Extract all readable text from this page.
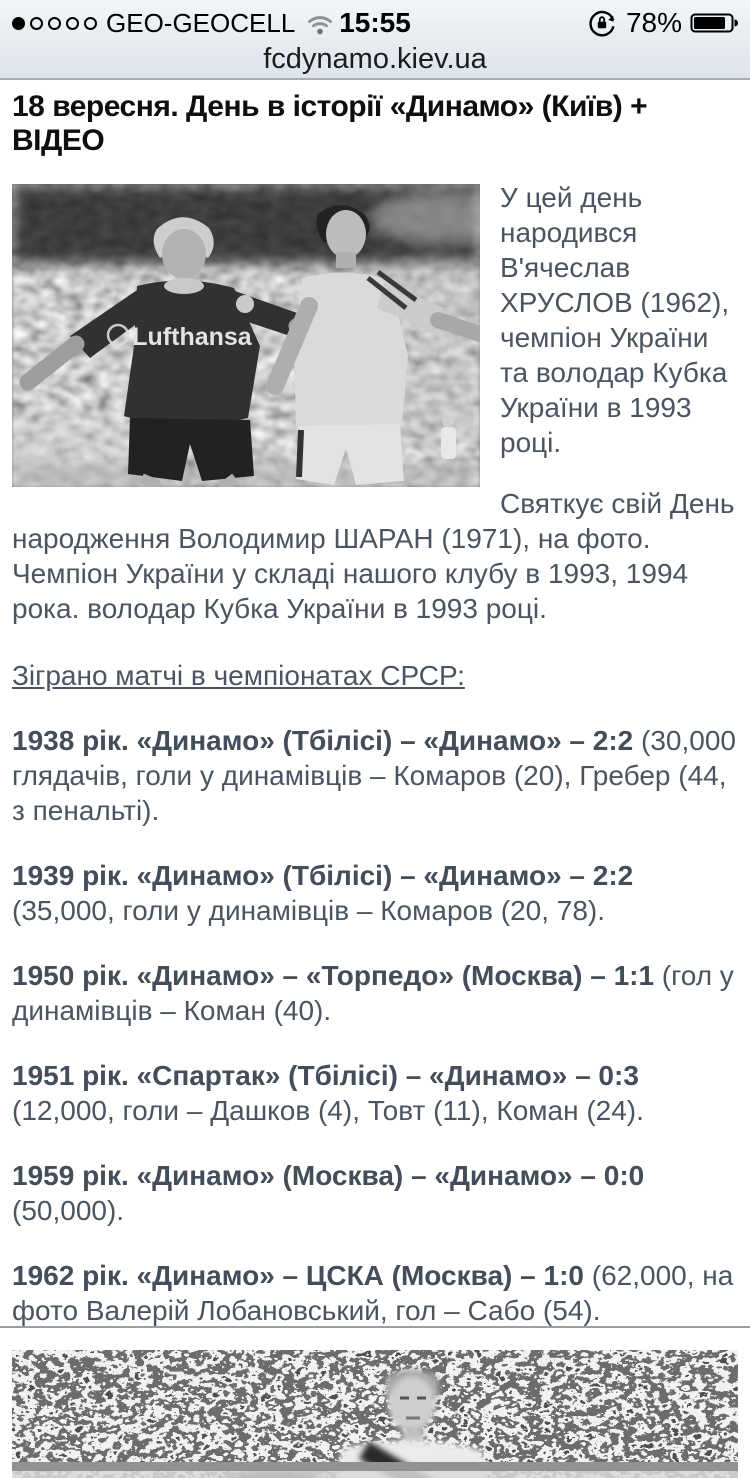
GEO-GEOCELL 15:55	78%
fcdynamo.kiev.ua
18 вересня. День в історії «Динамо» (Київ) + ВІДЕО
Lufthansa

У цей день народився В'ячеслав ХРУСЛОВ (1962), чемпіон України та володар Кубка України в 1993 році.

Святкує свій День народження Володимир ШАРАН (1971), на фото. Чемпіон України у складі нашого клубу в 1993, 1994 рока. володар Кубка України в 1993 році.

Зіграно матчі в чемпіонатах СРСР:

1938 рік. «Динамо» (Тбілісі) – «Динамо» – 2:2 (30,000 глядачів, голи у динамівців – Комаров (20), Гребер (44, з пенальті).

1939 рік. «Динамо» (Тбілісі) – «Динамо» – 2:2 (35,000, голи у динамівців – Комаров (20, 78).

1950 рік. «Динамо» – «Торпедо» (Москва) – 1:1 (гол у динамівців – Коман (40).

1951 рік. «Спартак» (Тбілісі) – «Динамо» – 0:3 (12,000, голи – Дашков (4), Товт (11), Коман (24).

1959 рік. «Динамо» (Москва) – «Динамо» – 0:0 (50,000).

1962 рік. «Динамо» – ЦСКА (Москва) – 1:0 (62,000, на фото Валерій Лобановський, гол – Сабо (54).
